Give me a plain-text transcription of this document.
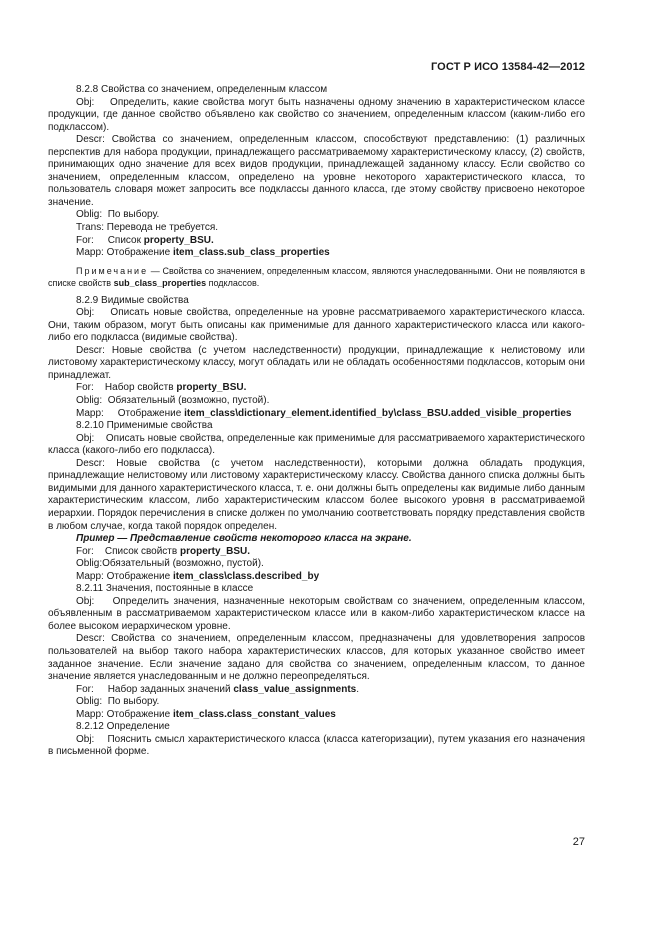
ГОСТ Р ИСО 13584-42—2012

8.2.8 Свойства со значением, определенным классом

Obj: Определить, какие свойства могут быть назначены одному значению в характеристическом классе продукции, где данное свойство объявлено как свойство со значением, определенным классом (каким-либо его подклассом).

Descr: Свойства со значением, определенным классом, способствуют представлению: (1) различных перспектив для набора продукции, принадлежащего рассматриваемому характеристическому классу, (2) свойств, принимающих одно значение для всех видов продукции, принадлежащей заданному классу. Если свойство со значением, определенным классом, определено на уровне некоторого характеристического класса, то пользователь словаря может запросить все подклассы данного класса, где этому свойству присвоено некоторое значение.

Oblig: По выбору.

Trans: Перевода не требуется.

For: Список property_BSU.

Mapp: Отображение item_class.sub_class_properties

Примечание — Свойства со значением, определенным классом, являются унаследованными. Они не появляются в списке свойств sub_class_properties подклассов.

8.2.9 Видимые свойства

Obj: Описать новые свойства, определенные на уровне рассматриваемого характеристического класса. Они, таким образом, могут быть описаны как применимые для данного характеристического класса или какого-либо его подкласса (видимые свойства).

Descr: Новые свойства (с учетом наследственности) продукции, принадлежащие к нелистовому или листовому характеристическому классу, могут обладать или не обладать особенностями подклассов, которым они принадлежат.

For: Набор свойств property_BSU.

Oblig: Обязательный (возможно, пустой).

Mapp: Отображение item_class\dictionary_element.identified_by\class_BSU.added_visible_properties

8.2.10 Применимые свойства

Obj: Описать новые свойства, определенные как применимые для рассматриваемого характеристического класса (какого-либо его подкласса).

Descr: Новые свойства (с учетом наследственности), которыми должна обладать продукция, принадлежащие нелистовому или листовому характеристическому классу. Свойства данного списка должны быть видимыми для данного характеристического класса, т. е. они должны быть определены как видимые либо данным характеристическим классом, либо характеристическим классом более высокого уровня в рассматриваемой иерархии. Порядок перечисления в списке должен по умолчанию соответствовать порядку представления свойств в любом случае, когда такой порядок определен.

Пример — Представление свойств некоторого класса на экране.

For: Список свойств property_BSU.

Oblig:Обязательный (возможно, пустой).

Mapp: Отображение item_class\class.described_by

8.2.11 Значения, постоянные в классе

Obj: Определить значения, назначенные некоторым свойствам со значением, определенным классом, объявленным в рассматриваемом характеристическом классе или в каком-либо характеристическом классе на более высоком иерархическом уровне.

Descr: Свойства со значением, определенным классом, предназначены для удовлетворения запросов пользователей на выбор такого набора характеристических классов, для которых указанное свойство имеет заданное значение. Если значение задано для свойства со значением, определенным классом, то данное значение является унаследованным и не должно переопределяться.

For: Набор заданных значений class_value_assignments.

Oblig: По выбору.

Mapp: Отображение item_class.class_constant_values

8.2.12 Определение

Obj: Пояснить смысл характеристического класса (класса категоризации), путем указания его назначения в письменной форме.

27
